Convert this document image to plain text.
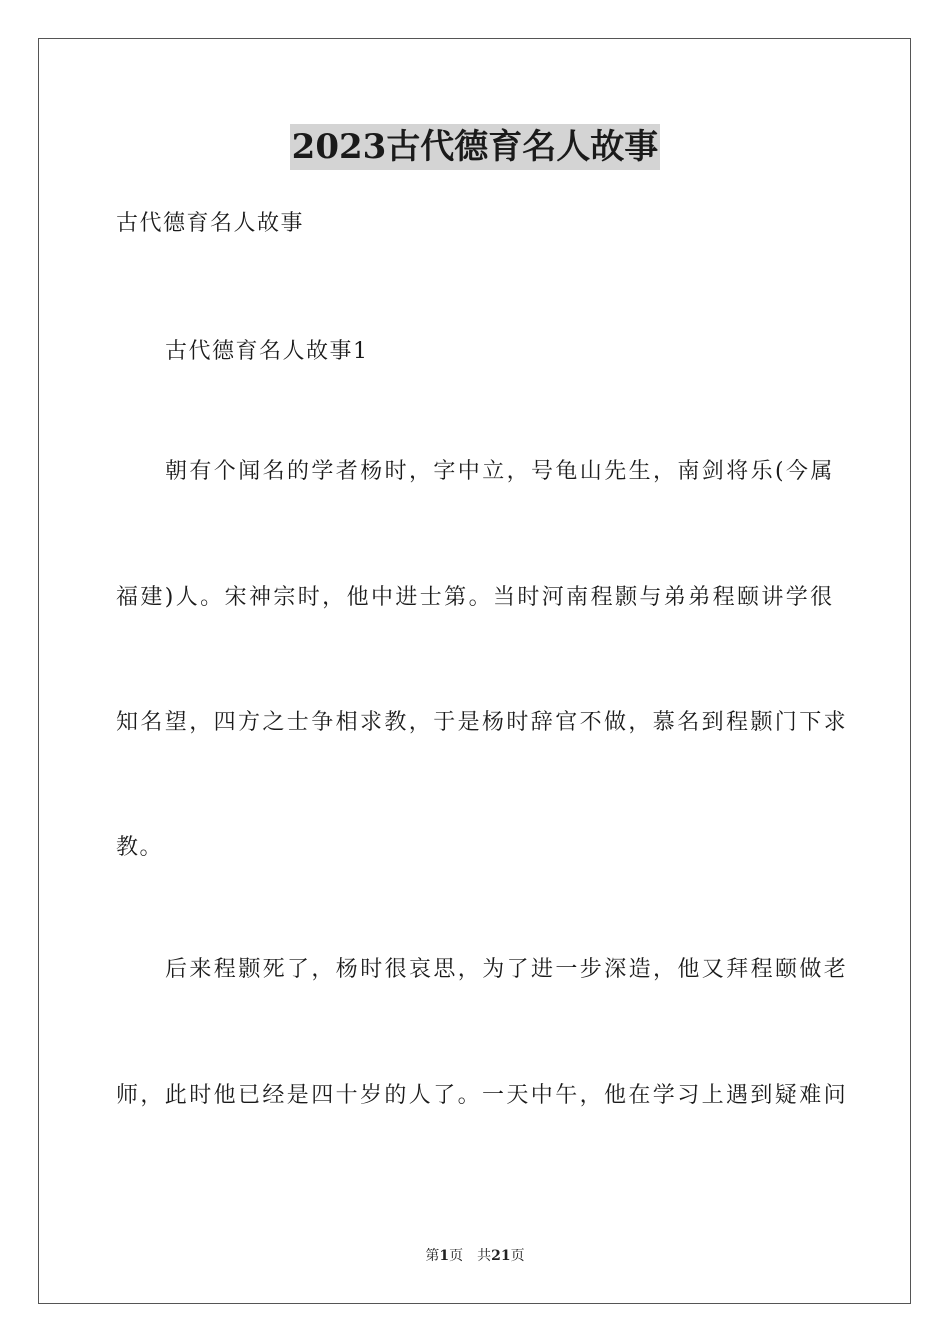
2023古代德育名人故事
古代德育名人故事
古代德育名人故事1
朝有个闻名的学者杨时，字中立，号龟山先生，南剑将乐(今属
福建)人。宋神宗时，他中进士第。当时河南程颢与弟弟程颐讲学很
知名望，四方之士争相求教，于是杨时辞官不做，慕名到程颢门下求
教。
后来程颢死了，杨时很哀思，为了进一步深造，他又拜程颐做老
师，此时他已经是四十岁的人了。一天中午，他在学习上遇到疑难问
第1页 共21页
